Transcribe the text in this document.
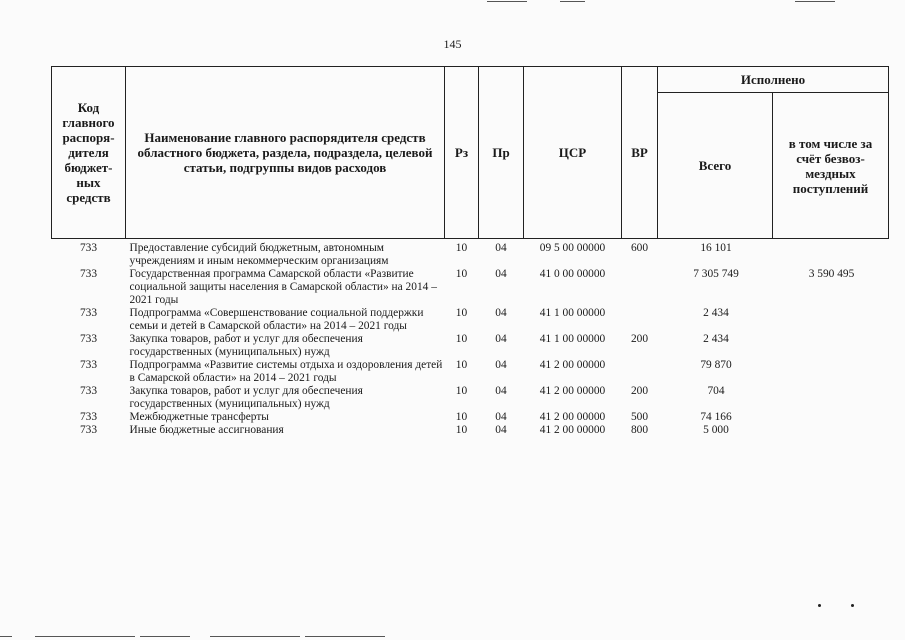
145
Код главного распоря-дителя бюджет-ных средств	Наименование главного распорядителя средств областного бюджета, раздела, подраздела, целевой статьи, подгруппы видов расходов	Рз	Пр	ЦСР	ВР	Исполнено	
						Всего	в том числе за счёт безвоз-мездных поступлений
733	Предоставление субсидий бюджетным, автономным учреждениям и иным некоммерческим организациям	10	04	09 5 00 00000	600	16 101	
733	Государственная программа Самарской области «Развитие социальной защиты населения в Самарской области» на 2014 – 2021 годы	10	04	41 0 00 00000		7 305 749	3 590 495
733	Подпрограмма «Совершенствование социальной поддержки семьи и детей в Самарской области» на 2014 – 2021 годы	10	04	41 1 00 00000		2 434	
733	Закупка товаров, работ и услуг для обеспечения государственных (муниципальных) нужд	10	04	41 1 00 00000	200	2 434	
733	Подпрограмма «Развитие системы отдыха и оздоровления детей в Самарской области» на 2014 – 2021 годы	10	04	41 2 00 00000		79 870	
733	Закупка товаров, работ и услуг для обеспечения государственных (муниципальных) нужд	10	04	41 2 00 00000	200	704	
733	Межбюджетные трансферты	10	04	41 2 00 00000	500	74 166	
733	Иные бюджетные ассигнования	10	04	41 2 00 00000	800	5 000	
